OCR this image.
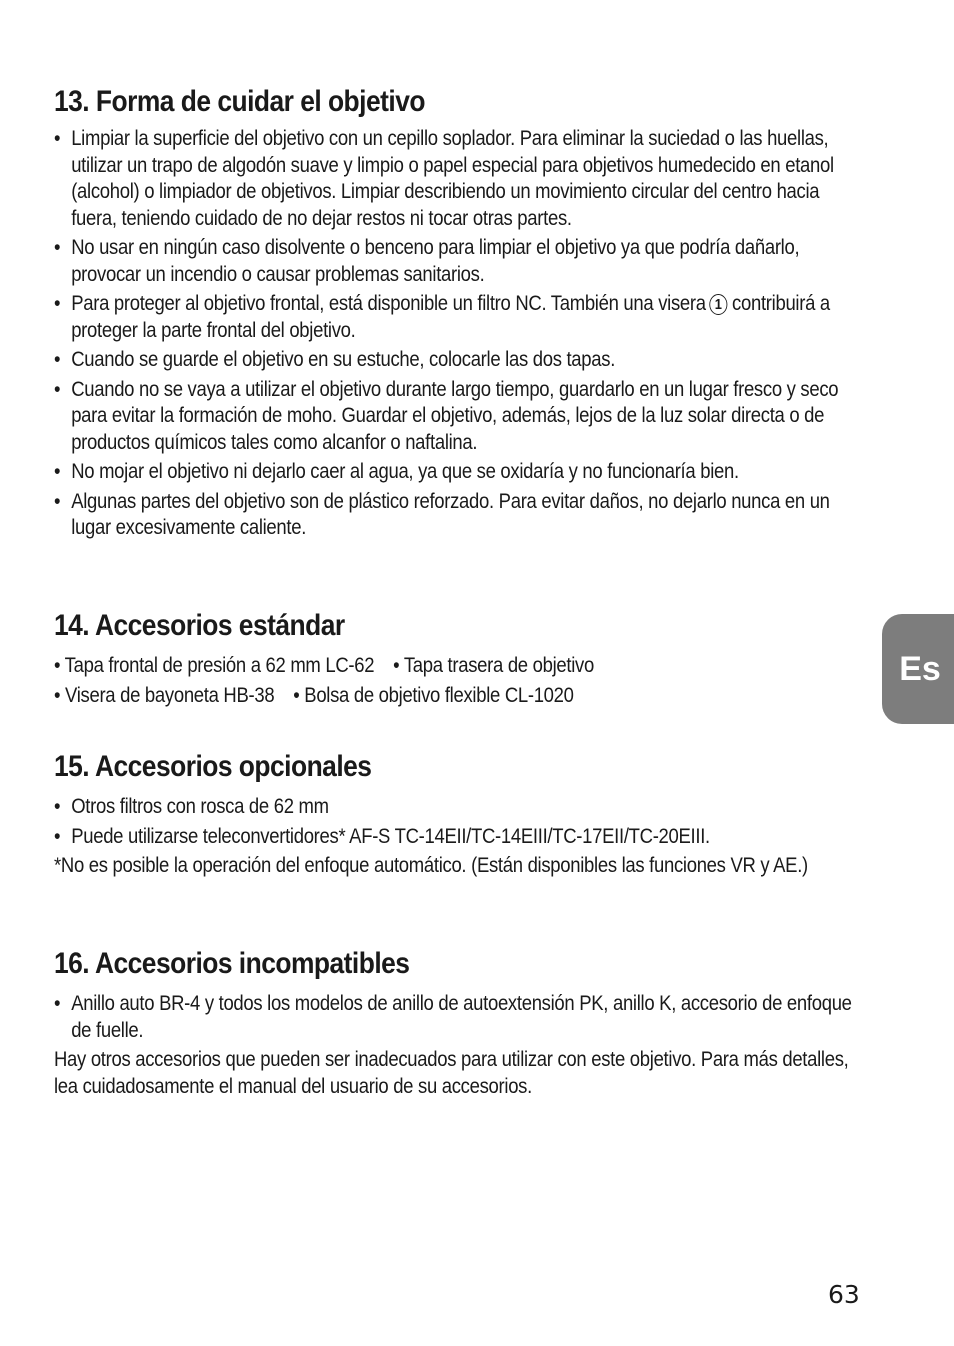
13. Forma de cuidar el objetivo
• Limpiar la superficie del objetivo con un cepillo soplador. Para eliminar la suciedad o las huellas, utilizar un trapo de algodón suave y limpio o papel especial para objetivos humedecido en etanol (alcohol) o limpiador de objetivos. Limpiar describiendo un movimiento circular del centro hacia fuera, teniendo cuidado de no dejar restos ni tocar otras partes.
• No usar en ningún caso disolvente o benceno para limpiar el objetivo ya que podría dañarlo, provocar un incendio o causar problemas sanitarios.
• Para proteger al objetivo frontal, está disponible un filtro NC. También una visera 1 contribuirá a proteger la parte frontal del objetivo.
• Cuando se guarde el objetivo en su estuche, colocarle las dos tapas.
• Cuando no se vaya a utilizar el objetivo durante largo tiempo, guardarlo en un lugar fresco y seco para evitar la formación de moho. Guardar el objetivo, además, lejos de la luz solar directa o de productos químicos tales como alcanfor o naftalina.
• No mojar el objetivo ni dejarlo caer al agua, ya que se oxidaría y no funcionaría bien.
• Algunas partes del objetivo son de plástico reforzado. Para evitar daños, no dejarlo nunca en un lugar excesivamente caliente.
14. Accesorios estándar
• Tapa frontal de presión a 62 mm LC-62 • Tapa trasera de objetivo
• Visera de bayoneta HB-38 • Bolsa de objetivo flexible CL-1020
15. Accesorios opcionales
• Otros filtros con rosca de 62 mm
• Puede utilizarse teleconvertidores* AF-S TC-14EII/TC-14EIII/TC-17EII/TC-20EIII.
*No es posible la operación del enfoque automático. (Están disponibles las funciones VR y AE.)
16. Accesorios incompatibles
• Anillo auto BR-4 y todos los modelos de anillo de autoextensión PK, anillo K, accesorio de enfoque de fuelle.
Hay otros accesorios que pueden ser inadecuados para utilizar con este objetivo. Para más detalles, lea cuidadosamente el manual del usuario de su accesorios.
Es
63
